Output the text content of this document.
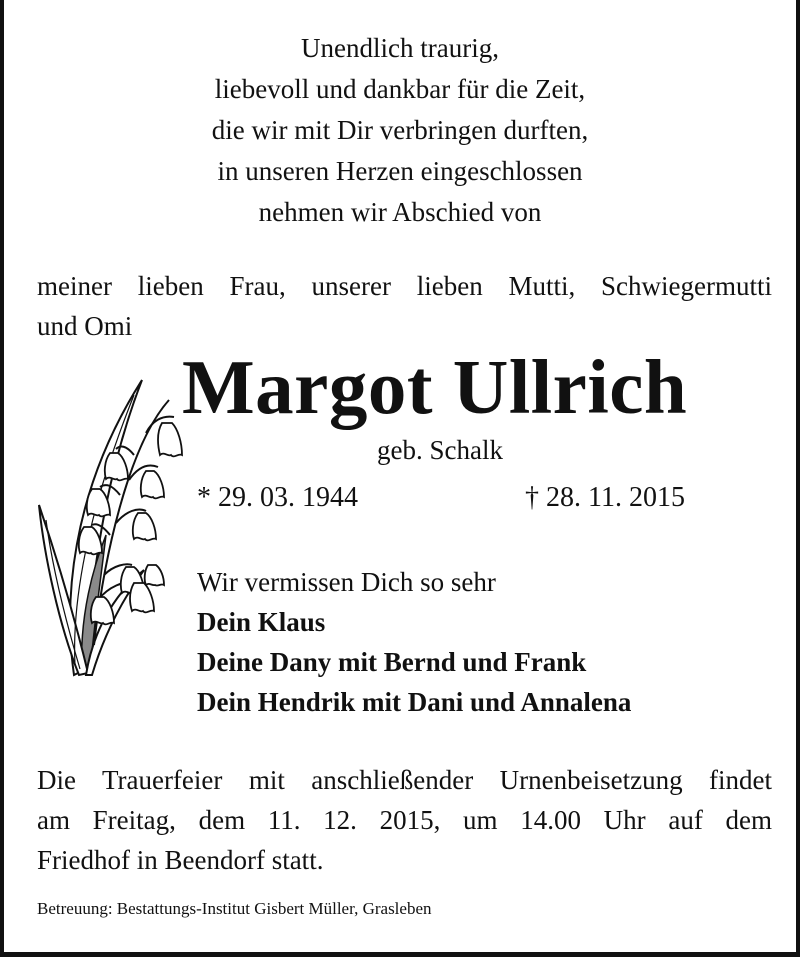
Unendlich traurig,
liebevoll und dankbar für die Zeit,
die wir mit Dir verbringen durften,
in unseren Herzen eingeschlossen
nehmen wir Abschied von
meiner lieben Frau, unserer lieben Mutti, Schwiegermutti
und Omi
Margot Ullrich
geb. Schalk
* 29. 03. 1944	† 28. 11. 2015
Wir vermissen Dich so sehr
Dein Klaus
Deine Dany mit Bernd und Frank
Dein Hendrik mit Dani und Annalena
Die Trauerfeier mit anschließender Urnenbeisetzung findet
am Freitag, dem 11. 12. 2015, um 14.00 Uhr auf dem
Friedhof in Beendorf statt.
Betreuung: Bestattungs-Institut Gisbert Müller, Grasleben
